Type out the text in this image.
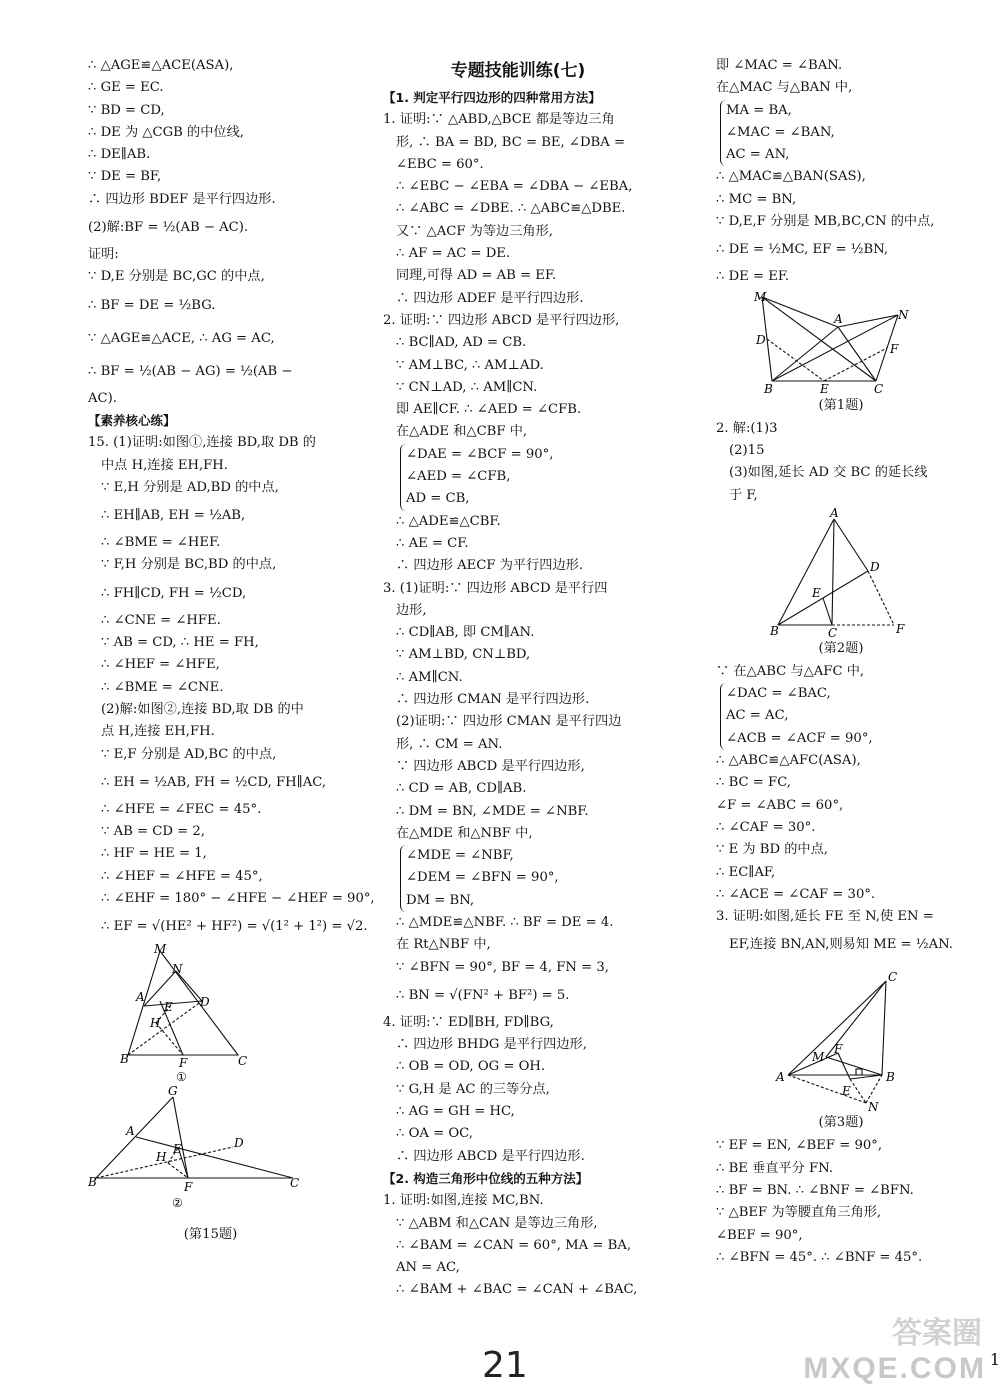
∴ △AGE≌△ACE(ASA),
∴ GE = EC.
∵ BD = CD,
∴ DE 为 △CGB 的中位线,
∴ DE∥AB.
∵ DE = BF,
∴ 四边形 BDEF 是平行四边形.
(2)解:BF = ½(AB − AC).
证明:
∵ D,E 分别是 BC,GC 的中点,
∴ BF = DE = ½BG.
∵ △AGE≌△ACE, ∴ AG = AC,
∴ BF = ½(AB − AG) = ½(AB −
AC).
【素养核心练】
15. (1)证明:如图①,连接 BD,取 DB 的
中点 H,连接 EH,FH.
∵ E,H 分别是 AD,BD 的中点,
∴ EH∥AB, EH = ½AB,
∴ ∠BME = ∠HEF.
∵ F,H 分别是 BC,BD 的中点,
∴ FH∥CD, FH = ½CD,
∴ ∠CNE = ∠HFE.
∵ AB = CD, ∴ HE = FH,
∴ ∠HEF = ∠HFE,
∴ ∠BME = ∠CNE.
(2)解:如图②,连接 BD,取 DB 的中
点 H,连接 EH,FH.
∵ E,F 分别是 AD,BC 的中点,
∴ EH = ½AB, FH = ½CD, FH∥AC,
∴ ∠HFE = ∠FEC = 45°.
∵ AB = CD = 2,
∴ HF = HE = 1,
∴ ∠HEF = ∠HFE = 45°,
∴ ∠EHF = 180° − ∠HFE − ∠HEF = 90°,
∴ EF = √(HE² + HF²) = √(1² + 1²) = √2.
M
N
A	D
E
H
B	F	C
①
G
A
E	D
H
B	F	C
②
(第15题)
专题技能训练(七)
【1. 判定平行四边形的四种常用方法】
1. 证明:∵ △ABD,△BCE 都是等边三角
形, ∴ BA = BD, BC = BE, ∠DBA =
∠EBC = 60°.
∴ ∠EBC − ∠EBA = ∠DBA − ∠EBA,
∴ ∠ABC = ∠DBE. ∴ △ABC≌△DBE.
又∵ △ACF 为等边三角形,
∴ AF = AC = DE.
同理,可得 AD = AB = EF.
∴ 四边形 ADEF 是平行四边形.
2. 证明:∵ 四边形 ABCD 是平行四边形,
∴ BC∥AD, AD = CB.
∵ AM⊥BC, ∴ AM⊥AD.
∵ CN⊥AD, ∴ AM∥CN.
即 AE∥CF. ∴ ∠AED = ∠CFB.
在△ADE 和△CBF 中,
∠DAE = ∠BCF = 90°,
∠AED = ∠CFB,
AD = CB,
∴ △ADE≌△CBF.
∴ AE = CF.
∴ 四边形 AECF 为平行四边形.
3. (1)证明:∵ 四边形 ABCD 是平行四
边形,
∴ CD∥AB, 即 CM∥AN.
∵ AM⊥BD, CN⊥BD,
∴ AM∥CN.
∴ 四边形 CMAN 是平行四边形.
(2)证明:∵ 四边形 CMAN 是平行四边
形, ∴ CM = AN.
∵ 四边形 ABCD 是平行四边形,
∴ CD = AB, CD∥AB.
∴ DM = BN, ∠MDE = ∠NBF.
在△MDE 和△NBF 中,
∠MDE = ∠NBF,
∠DEM = ∠BFN = 90°,
DM = BN,
∴ △MDE≌△NBF. ∴ BF = DE = 4.
在 Rt△NBF 中,
∵ ∠BFN = 90°, BF = 4, FN = 3,
∴ BN = √(FN² + BF²) = 5.
4. 证明:∵ ED∥BH, FD∥BG,
∴ 四边形 BHDG 是平行四边形,
∴ OB = OD, OG = OH.
∵ G,H 是 AC 的三等分点,
∴ AG = GH = HC,
∴ OA = OC,
∴ 四边形 ABCD 是平行四边形.
【2. 构造三角形中位线的五种方法】
1. 证明:如图,连接 MC,BN.
∵ △ABM 和△CAN 是等边三角形,
∴ ∠BAM = ∠CAN = 60°, MA = BA,
AN = AC,
∴ ∠BAM + ∠BAC = ∠CAN + ∠BAC,
即 ∠MAC = ∠BAN.
在△MAC 与△BAN 中,
MA = BA,
∠MAC = ∠BAN,
AC = AN,
∴ △MAC≌△BAN(SAS),
∴ MC = BN,
∵ D,E,F 分别是 MB,BC,CN 的中点,
∴ DE = ½MC, EF = ½BN,
∴ DE = EF.
M
A	N
D
F
B	E	C
(第1题)
2. 解:(1)3
(2)15
(3)如图,延长 AD 交 BC 的延长线
于 F,
A
D
E
B	C	F
(第2题)
∵ 在△ABC 与△AFC 中,
∠DAC = ∠BAC,
AC = AC,
∠ACB = ∠ACF = 90°,
∴ △ABC≌△AFC(ASA),
∴ BC = FC,
∠F = ∠ABC = 60°,
∴ ∠CAF = 30°.
∵ E 为 BD 的中点,
∴ EC∥AF,
∴ ∠ACE = ∠CAF = 30°.
3. 证明:如图,延长 FE 至 N,使 EN =
EF,连接 BN,AN,则易知 ME = ½AN.
C
M
F
A	B
E
N
(第3题)
∵ EF = EN, ∠BEF = 90°,
∴ BE 垂直平分 FN.
∴ BF = BN. ∴ ∠BNF = ∠BFN.
∵ △BEF 为等腰直角三角形,
∠BEF = 90°,
∴ ∠BFN = 45°. ∴ ∠BNF = 45°.
21	1
答案圈
MXQE.COM
